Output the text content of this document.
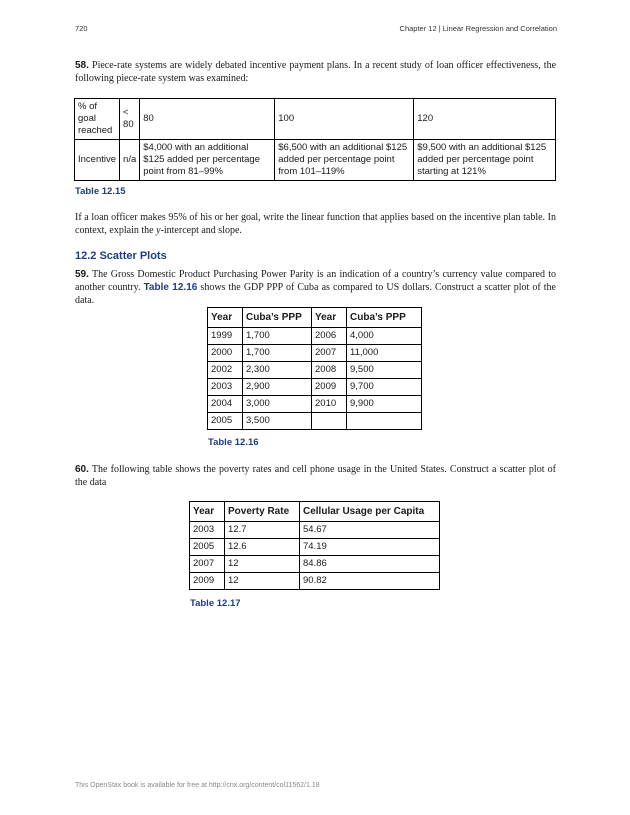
720	Chapter 12 | Linear Regression and Correlation
58. Piece-rate systems are widely debated incentive payment plans. In a recent study of loan officer effectiveness, the following piece-rate system was examined:
% of goal reached	< 80	80	100	120
Incentive	n/a	$4,000 with an additional $125 added per percentage point from 81–99%	$6,500 with an additional $125 added per percentage point from 101–119%	$9,500 with an additional $125 added per percentage point starting at 121%
Table 12.15
If a loan officer makes 95% of his or her goal, write the linear function that applies based on the incentive plan table. In context, explain the y-intercept and slope.
12.2 Scatter Plots
59. The Gross Domestic Product Purchasing Power Parity is an indication of a country’s currency value compared to another country. Table 12.16 shows the GDP PPP of Cuba as compared to US dollars. Construct a scatter plot of the data.
Year	Cuba’s PPP	Year	Cuba’s PPP
1999	1,700	2006	4,000
2000	1,700	2007	11,000
2002	2,300	2008	9,500
2003	2,900	2009	9,700
2004	3,000	2010	9,900
2005	3,500		
Table 12.16
60. The following table shows the poverty rates and cell phone usage in the United States. Construct a scatter plot of the data
Year	Poverty Rate	Cellular Usage per Capita
2003	12.7	54.67
2005	12.6	74.19
2007	12	84.86
2009	12	90.82
Table 12.17
This OpenStax book is available for free at http://cnx.org/content/col11562/1.18
